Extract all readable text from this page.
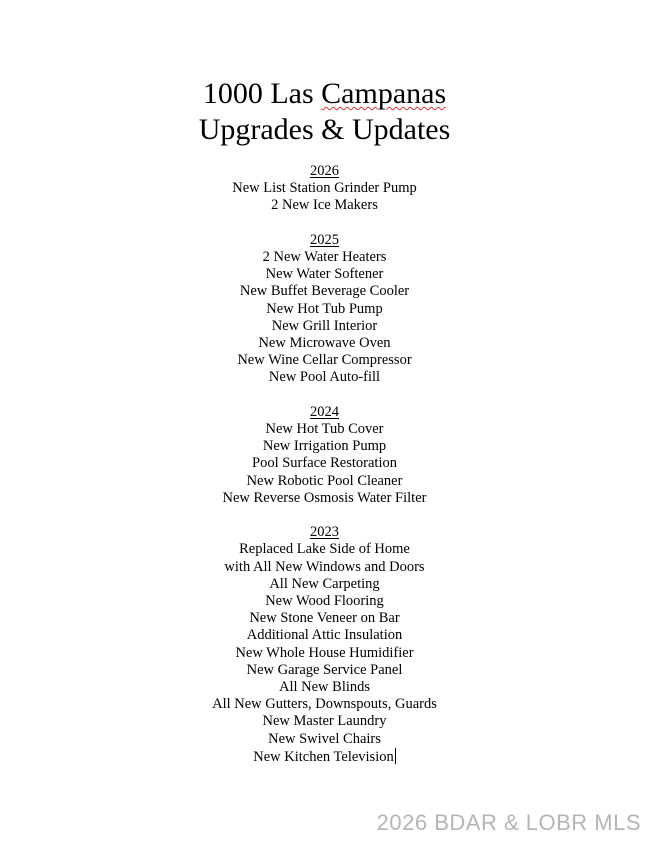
1000 Las Campanas
Upgrades & Updates
2026
New List Station Grinder Pump
2 New Ice Makers
2025
2 New Water Heaters
New Water Softener
New Buffet Beverage Cooler
New Hot Tub Pump
New Grill Interior
New Microwave Oven
New Wine Cellar Compressor
New Pool Auto-fill
2024
New Hot Tub Cover
New Irrigation Pump
Pool Surface Restoration
New Robotic Pool Cleaner
New Reverse Osmosis Water Filter
2023
Replaced Lake Side of Home
with All New Windows and Doors
All New Carpeting
New Wood Flooring
New Stone Veneer on Bar
Additional Attic Insulation
New Whole House Humidifier
New Garage Service Panel
All New Blinds
All New Gutters, Downspouts, Guards
New Master Laundry
New Swivel Chairs
New Kitchen Television
2026 BDAR & LOBR MLS
